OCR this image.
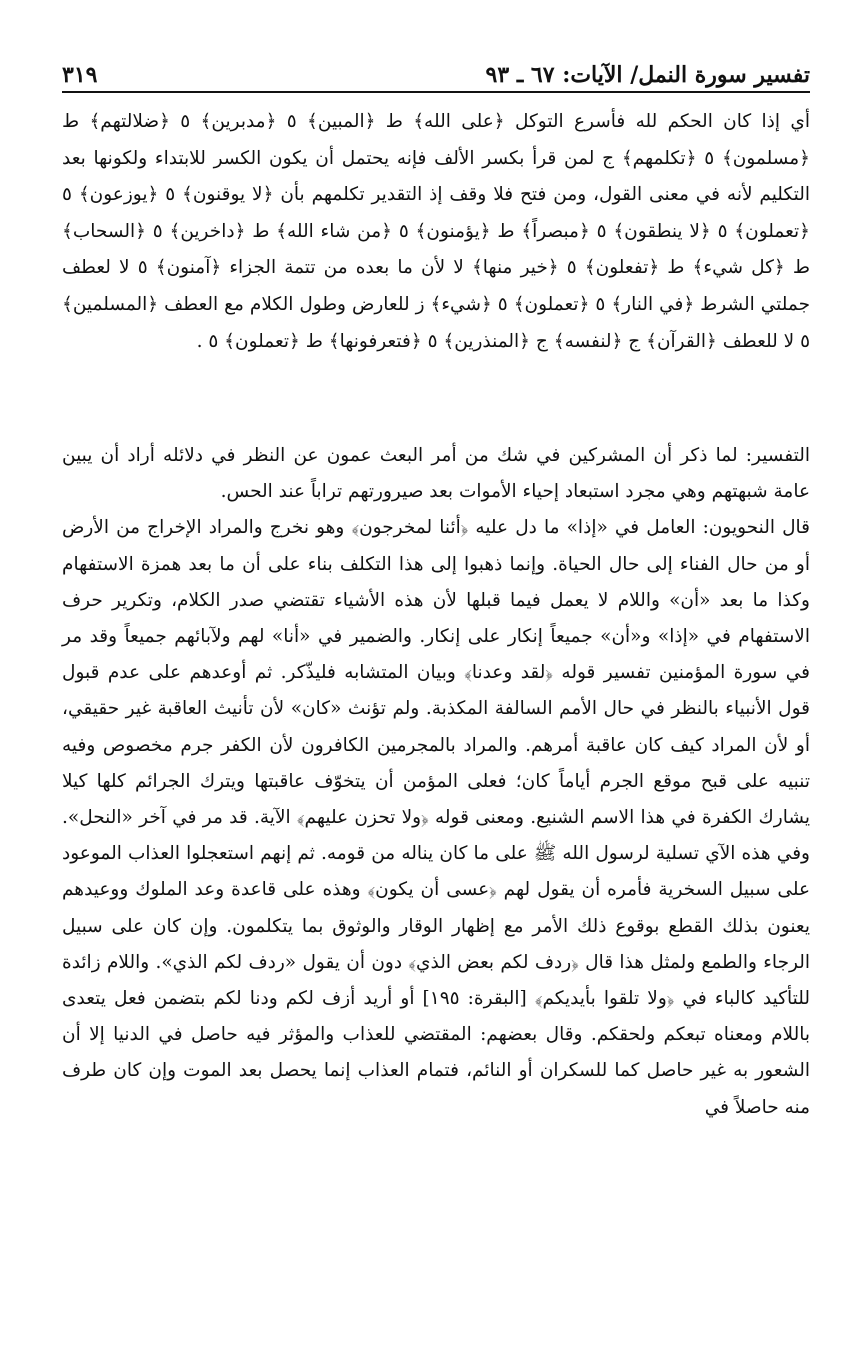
تفسير سورة النمل/ الآيات: ٦٧ ـ ٩٣
٣١٩

أي إذا كان الحكم لله فأسرع التوكل ﴿على الله﴾ ط ﴿المبين﴾ ٥ ﴿مدبرين﴾ ٥ ﴿ضلالتهم﴾ ط ﴿مسلمون﴾ ٥ ﴿تكلمهم﴾ ج لمن قرأ بكسر الألف فإنه يحتمل أن يكون الكسر للابتداء ولكونها بعد التكليم لأنه في معنى القول، ومن فتح فلا وقف إذ التقدير تكلمهم بأن ﴿لا يوقنون﴾ ٥ ﴿يوزعون﴾ ٥ ﴿تعملون﴾ ٥ ﴿لا ينطقون﴾ ٥ ﴿مبصراً﴾ ط ﴿يؤمنون﴾ ٥ ﴿من شاء الله﴾ ط ﴿داخرين﴾ ٥ ﴿السحاب﴾ ط ﴿كل شيء﴾ ط ﴿تفعلون﴾ ٥ ﴿خير منها﴾ لا لأن ما بعده من تتمة الجزاء ﴿آمنون﴾ ٥ لا لعطف جملتي الشرط ﴿في النار﴾ ٥ ﴿تعملون﴾ ٥ ﴿شيء﴾ ز للعارض وطول الكلام مع العطف ﴿المسلمين﴾ ٥ لا للعطف ﴿القرآن﴾ ج ﴿لنفسه﴾ ج ﴿المنذرين﴾ ٥ ﴿فتعرفونها﴾ ط ﴿تعملون﴾ ٥ .

التفسير: لما ذكر أن المشركين في شك من أمر البعث عمون عن النظر في دلائله أراد أن يبين عامة شبهتهم وهي مجرد استبعاد إحياء الأموات بعد صيرورتهم تراباً عند الحس.

قال النحويون: العامل في «إذا» ما دل عليه ﴿أئنا لمخرجون﴾ وهو نخرج والمراد الإخراج من الأرض أو من حال الفناء إلى حال الحياة. وإنما ذهبوا إلى هذا التكلف بناء على أن ما بعد همزة الاستفهام وكذا ما بعد «أن» واللام لا يعمل فيما قبلها لأن هذه الأشياء تقتضي صدر الكلام، وتكرير حرف الاستفهام في «إذا» و«أن» جميعاً إنكار على إنكار. والضمير في «أنا» لهم ولآبائهم جميعاً وقد مر في سورة المؤمنين تفسير قوله ﴿لقد وعدنا﴾ وبيان المتشابه فليذّكر. ثم أوعدهم على عدم قبول قول الأنبياء بالنظر في حال الأمم السالفة المكذبة. ولم تؤنث «كان» لأن تأنيث العاقبة غير حقيقي، أو لأن المراد كيف كان عاقبة أمرهم. والمراد بالمجرمين الكافرون لأن الكفر جرم مخصوص وفيه تنبيه على قبح موقع الجرم أياماً كان؛ فعلى المؤمن أن يتخوّف عاقبتها ويترك الجرائم كلها كيلا يشارك الكفرة في هذا الاسم الشنيع. ومعنى قوله ﴿ولا تحزن عليهم﴾ الآية. قد مر في آخر «النحل». وفي هذه الآي تسلية لرسول الله ﷺ على ما كان يناله من قومه. ثم إنهم استعجلوا العذاب الموعود على سبيل السخرية فأمره أن يقول لهم ﴿عسى أن يكون﴾ وهذه على قاعدة وعد الملوك ووعيدهم يعنون بذلك القطع بوقوع ذلك الأمر مع إظهار الوقار والوثوق بما يتكلمون. وإن كان على سبيل الرجاء والطمع ولمثل هذا قال ﴿ردف لكم بعض الذي﴾ دون أن يقول «ردف لكم الذي». واللام زائدة للتأكيد كالباء في ﴿ولا تلقوا بأيديكم﴾ [البقرة: ١٩٥] أو أريد أزف لكم ودنا لكم بتضمن فعل يتعدى باللام ومعناه تبعكم ولحقكم. وقال بعضهم: المقتضي للعذاب والمؤثر فيه حاصل في الدنيا إلا أن الشعور به غير حاصل كما للسكران أو النائم، فتمام العذاب إنما يحصل بعد الموت وإن كان طرف منه حاصلاً في
